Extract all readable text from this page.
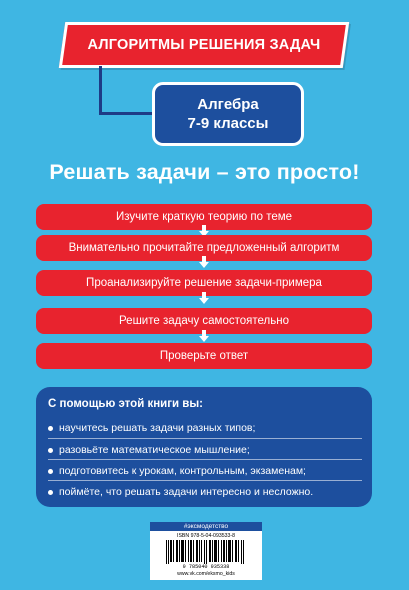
АЛГОРИТМЫ РЕШЕНИЯ ЗАДАЧ
Алгебра
7-9 классы
Решать задачи – это просто!
Изучите краткую теорию по теме
Внимательно прочитайте предложенный алгоритм
Проанализируйте решение задачи-примера
Решите задачу самостоятельно
Проверьте ответ
С помощью этой книги вы:
научитесь решать задачи разных типов;
разовьёте математическое мышление;
подготовитесь к урокам, контрольным, экзаменам;
поймёте, что решать задачи интересно и несложно.
#эксмодетство
ISBN 978-5-04-093533-8
9 785040 935338
www.vk.com/eksmo_kids
